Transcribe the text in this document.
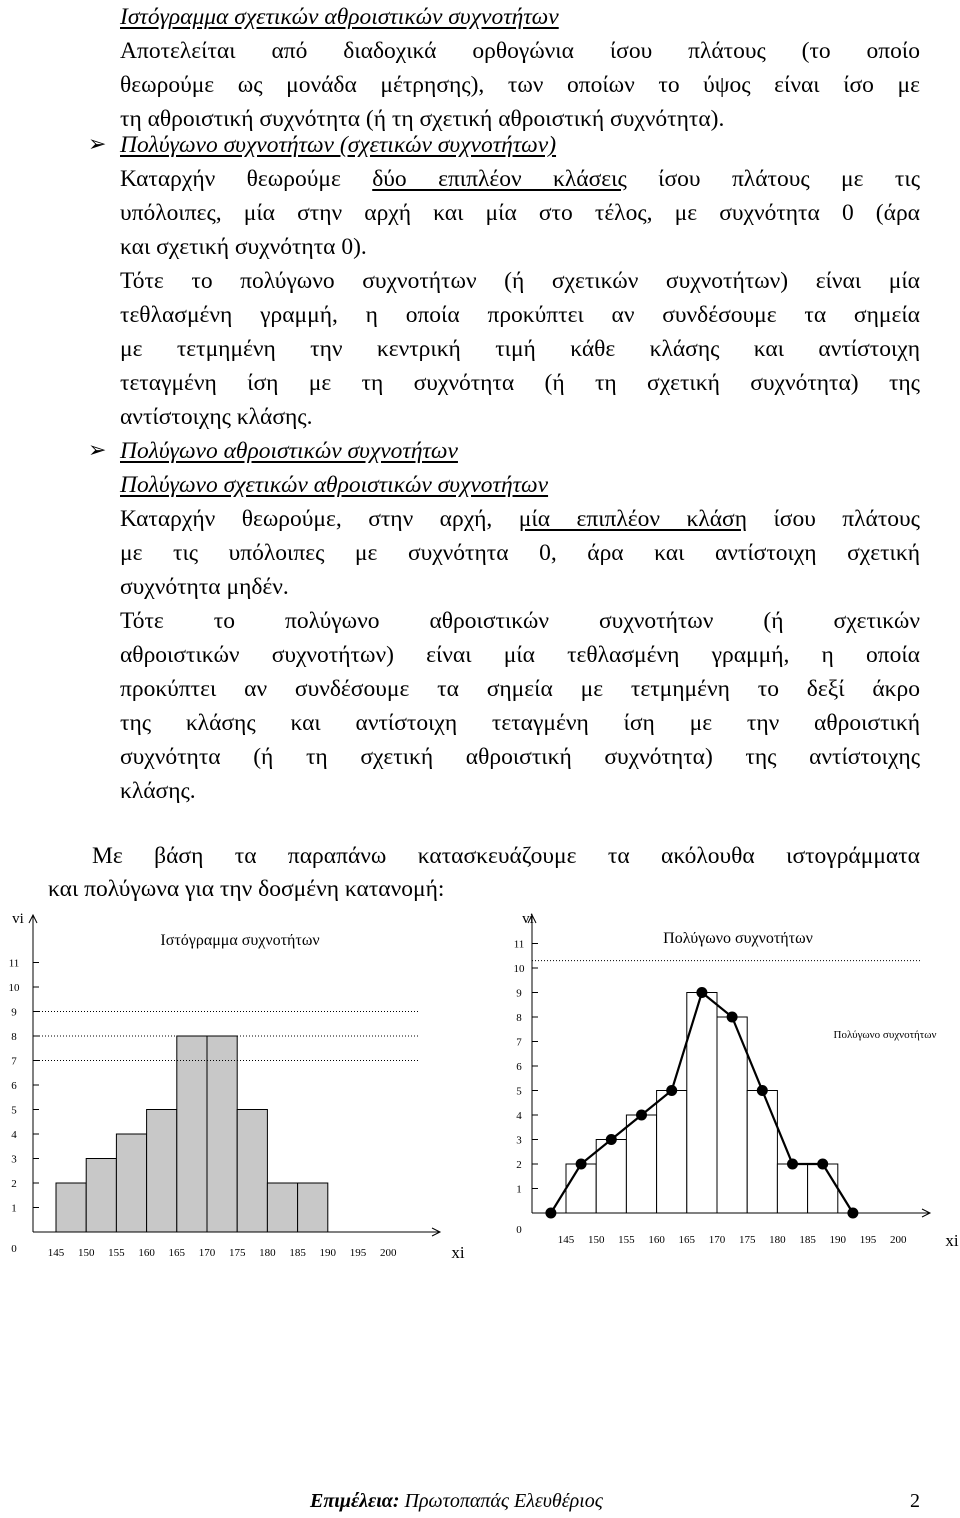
Ιστόγραμμα σχετικών αθροιστικών συχνοτήτων
Αποτελείται από διαδοχικά ορθογώνια ίσου πλάτους (το οποίο
θεωρούμε ως μονάδα μέτρησης), των οποίων το ύψος είναι ίσο με
τη αθροιστική συχνότητα (ή τη σχετική αθροιστική συχνότητα).
➢ Πολύγωνο συχνοτήτων (σχετικών συχνοτήτων)
Καταρχήν θεωρούμε δύο επιπλέον κλάσεις ίσου πλάτους με τις
υπόλοιπες, μία στην αρχή και μία στο τέλος, με συχνότητα 0 (άρα
και σχετική συχνότητα 0).
Τότε το πολύγωνο συχνοτήτων (ή σχετικών συχνοτήτων) είναι μία
τεθλασμένη γραμμή, η οποία προκύπτει αν συνδέσουμε τα σημεία
με τετμημένη την κεντρική τιμή κάθε κλάσης και αντίστοιχη
τεταγμένη ίση με τη συχνότητα (ή τη σχετική συχνότητα) της
αντίστοιχης κλάσης.
➢ Πολύγωνο αθροιστικών συχνοτήτων
Πολύγωνο σχετικών αθροιστικών συχνοτήτων
Καταρχήν θεωρούμε, στην αρχή, μία επιπλέον κλάση ίσου πλάτους
με τις υπόλοιπες με συχνότητα 0, άρα και αντίστοιχη σχετική
συχνότητα μηδέν.
Τότε το πολύγωνο αθροιστικών συχνοτήτων (ή σχετικών
αθροιστικών συχνοτήτων) είναι μία τεθλασμένη γραμμή, η οποία
προκύπτει αν συνδέσουμε τα σημεία με τετμημένη το δεξί άκρο
της κλάσης και αντίστοιχη τεταγμένη ίση με την αθροιστική
συχνότητα (ή τη σχετική αθροιστική συχνότητα) της αντίστοιχης
κλάσης.
Με βάση τα παραπάνω κατασκευάζουμε τα ακόλουθα ιστογράμματα
και πολύγωνα για την δοσμένη κατανομή:
0
1
2
3
4
5
6
7
8
9
10
11
145 150 155 160 165 170 175 180 185 190 195 200
vi
xi
Ιστόγραμμα συχνοτήτων
0
1
2
3
4
5
6
7
8
9
10
11
145 150 155 160 165 170 175 180 185 190 195 200
vi
xi
Πολύγωνο συχνοτήτων
Πολύγωνο συχνοτήτων
Επιμέλεια: Πρωτοπαπάς Ελευθέριος	2
